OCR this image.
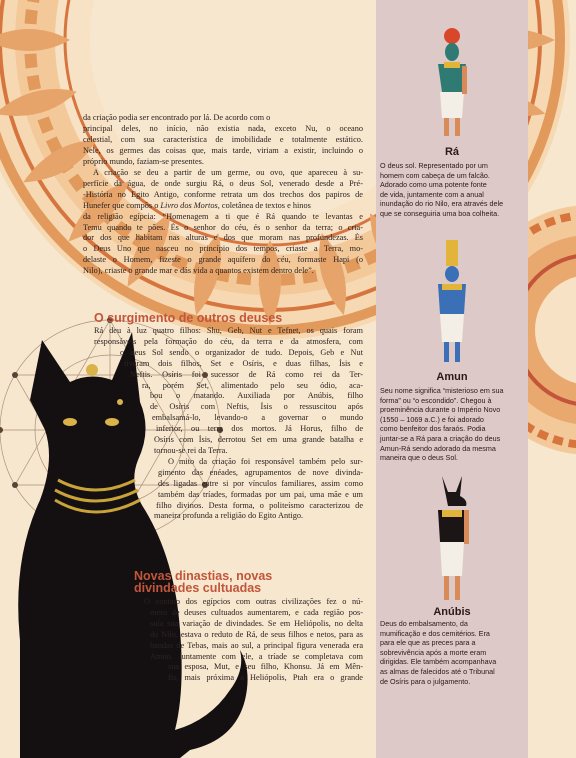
Rá

O deus sol. Representado por um
homem com cabeça de um falcão.
Adorado como uma potente fonte
de vida, juntamente com a anual
inundação do rio Nilo, era através dele
que se conseguiria uma boa colheita.

Amun

Seu nome significa “misterioso em sua
forma” ou “o escondido”. Chegou à
proeminência durante o Império Novo
(1550 – 1069 a.C.) e foi adorado
como benfeitor dos faraós. Podia
juntar-se a Rá para a criação do deus
Amun-Rá sendo adorado da mesma
maneira que o deus Sol.

Anúbis

Deus do embalsamento, da
mumificação e dos cemitérios. Era
para ele que as preces para a
sobrevivência após a morte eram
dirigidas. Ele também acompanhava
as almas de falecidos até o Tribunal
de Osíris para o julgamento.

da criação podia ser encontrado por lá. De acordo com o
principal deles, no início, não existia nada, exceto Nu, o oceano
celestial, com sua característica de imobilidade e totalmente estático.
Nele, os germes das coisas que, mais tarde, viriam a existir, incluindo o
próprio mundo, faziam-se presentes.
A criação se deu a partir de um germe, ou ovo, que apareceu à su-
perfície da água, de onde surgiu Rá, o deus Sol, venerado desde a Pré-
-História no Egito Antigo, conforme retrata um dos trechos dos papiros de
Hunefer que compõs o Livro dos Mortos, coletânea de textos e hinos
da religião egípcia: “Homenagem a ti que é Rá quando te levantas e
Temu quando te pões. És o senhor do céu, és o senhor da terra; o cria-
dor dos que habitam nas alturas e dos que moram nas profundezas. És
o Deus Uno que nasceu no princípio dos tempos, criaste a Terra, mo-
delaste o Homem, fizeste o grande aquífero do céu, formaste Hapi (o
Nilo), criaste o grande mar e dás vida a quantos existem dentro dele”.
O surgimento de outros deuses
Rá deu à luz quatro filhos: Shu, Geb, Nut e Tefnet, os quais foram
responsáveis pela formação do céu, da terra e da atmosfera, com
o deus Sol sendo o organizador de tudo. Depois, Geb e Nut
tiveram dois filhos, Set e Osíris, e duas filhas, Ísis e
Neftis. Osíris foi sucessor de Rá como rei da Ter-
ra, porém Set, alimentado pelo seu ódio, aca-
bou o matando. Auxiliada por Anúbis, filho
de Osíris com Neftis, Ísis o ressuscitou após
embalsamá-lo, levando-o a governar o mundo
inferior, ou terra dos mortos. Já Horus, filho de
Osíris com Ísis, derrotou Set em uma grande batalha e
tornou-se rei da Terra.
O mito da criação foi responsável também pelo sur-
gimento das enéades, agrupamentos de nove divinda-
des ligadas entre si por vínculos familiares, assim como
também das tríades, formadas por um pai, uma mãe e um
filho divinos. Desta forma, o politeísmo caracterizou de
maneira profunda a religião do Egito Antigo.
Novas dinastias, novas
divindades cultuadas
O contato dos egípcios com outras civilizações fez o nú-
mero de deuses cultuados aumentarem, e cada região pos-
suía sua variação de divindades. Se em Heliópolis, no delta
do Nilo, estava o reduto de Rá, de seus filhos e netos, para as
bandas de Tebas, mais ao sul, a principal figura venerada era
Amon. Juntamente com ele, a tríade se completava com
sua esposa, Mut, e seu filho, Khonsu. Já em Mên-
fis, mais próxima a Heliópolis, Ptah era o grande
